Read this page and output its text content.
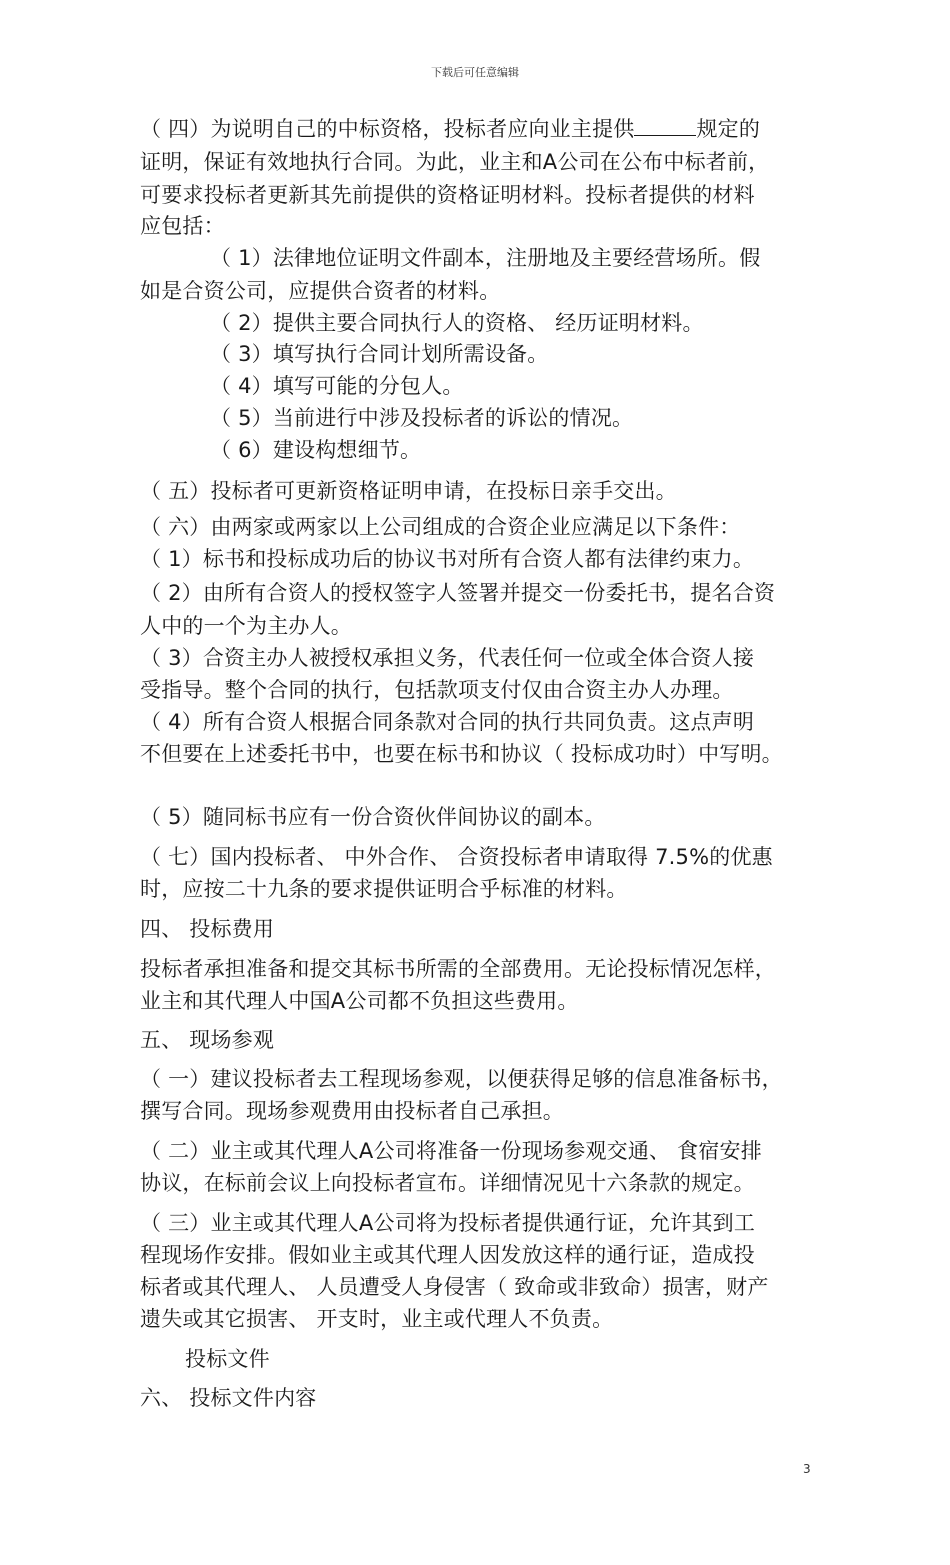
下载后可任意编辑
（ 四）为说明自己的中标资格，投标者应向业主提供	规定的
证明，保证有效地执行合同。为此，业主和A公司在公布中标者前，
可要求投标者更新其先前提供的资格证明材料。投标者提供的材料
应包括：
（ 1）法律地位证明文件副本，注册地及主要经营场所。假
如是合资公司，应提供合资者的材料。
（ 2）提供主要合同执行人的资格、 经历证明材料。
（ 3）填写执行合同计划所需设备。
（ 4）填写可能的分包人。
（ 5）当前进行中涉及投标者的诉讼的情况。
（ 6）建设构想细节。
（ 五）投标者可更新资格证明申请，在投标日亲手交出。
（ 六）由两家或两家以上公司组成的合资企业应满足以下条件：
（ 1）标书和投标成功后的协议书对所有合资人都有法律约束力。
（ 2）由所有合资人的授权签字人签署并提交一份委托书，提名合资
人中的一个为主办人。
（ 3）合资主办人被授权承担义务，代表任何一位或全体合资人接
受指导。整个合同的执行，包括款项支付仅由合资主办人办理。
（ 4）所有合资人根据合同条款对合同的执行共同负责。这点声明
不但要在上述委托书中，也要在标书和协议（ 投标成功时）中写明。
（ 5）随同标书应有一份合资伙伴间协议的副本。
（ 七）国内投标者、 中外合作、 合资投标者申请取得 7.5%的优惠
时，应按二十九条的要求提供证明合乎标准的材料。
四、 投标费用
投标者承担准备和提交其标书所需的全部费用。无论投标情况怎样，
业主和其代理人中国A公司都不负担这些费用。
五、 现场参观
（ 一）建议投标者去工程现场参观，以便获得足够的信息准备标书，
撰写合同。现场参观费用由投标者自己承担。
（ 二）业主或其代理人A公司将准备一份现场参观交通、 食宿安排
协议，在标前会议上向投标者宣布。详细情况见十六条款的规定。
（ 三）业主或其代理人A公司将为投标者提供通行证，允许其到工
程现场作安排。假如业主或其代理人因发放这样的通行证，造成投
标者或其代理人、 人员遭受人身侵害（ 致命或非致命）损害，财产
遗失或其它损害、 开支时，业主或代理人不负责。
投标文件
六、 投标文件内容
3
